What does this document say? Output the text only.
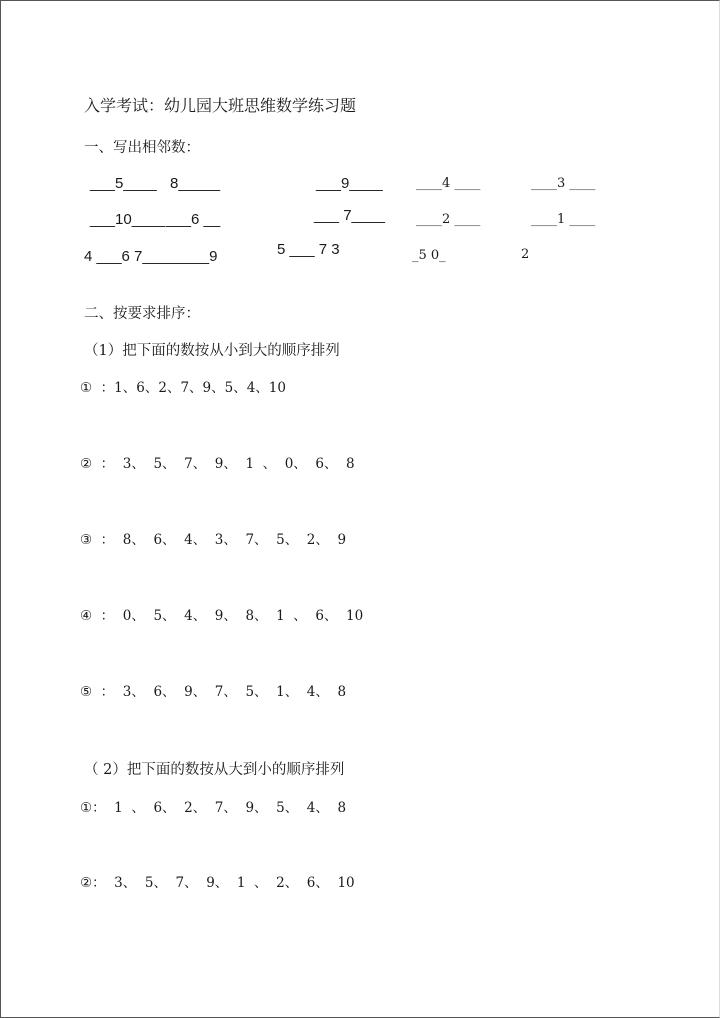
入学考试：幼儿园大班思维数学练习题
一、写出相邻数：
___5____ 8_____	___9____	____4 ____	____3 ____
___10____ ___6 __	___ 7____ ____2 ____	____1 ____
4 ___6 7________9	5 ___ 7 3	_5 0_	2
二、按要求排序：
（1）把下面的数按从小到大的顺序排列
①  ：1、6、2、7、9、5、4、10
②  ：  3、  5、  7、  9、  1  、  0、  6、  8
③  ：  8、  6、  4、  3、  7、  5、  2、  9
④  ：  0、  5、  4、  9、  8、  1  、  6、  10
⑤  ：  3、  6、  9、  7、  5、  1、  4、  8
（ 2）把下面的数按从大到小的顺序排列
①：  1  、  6、  2、  7、  9、  5、  4、  8
②：  3、  5、  7、  9、  1  、  2、  6、  10
